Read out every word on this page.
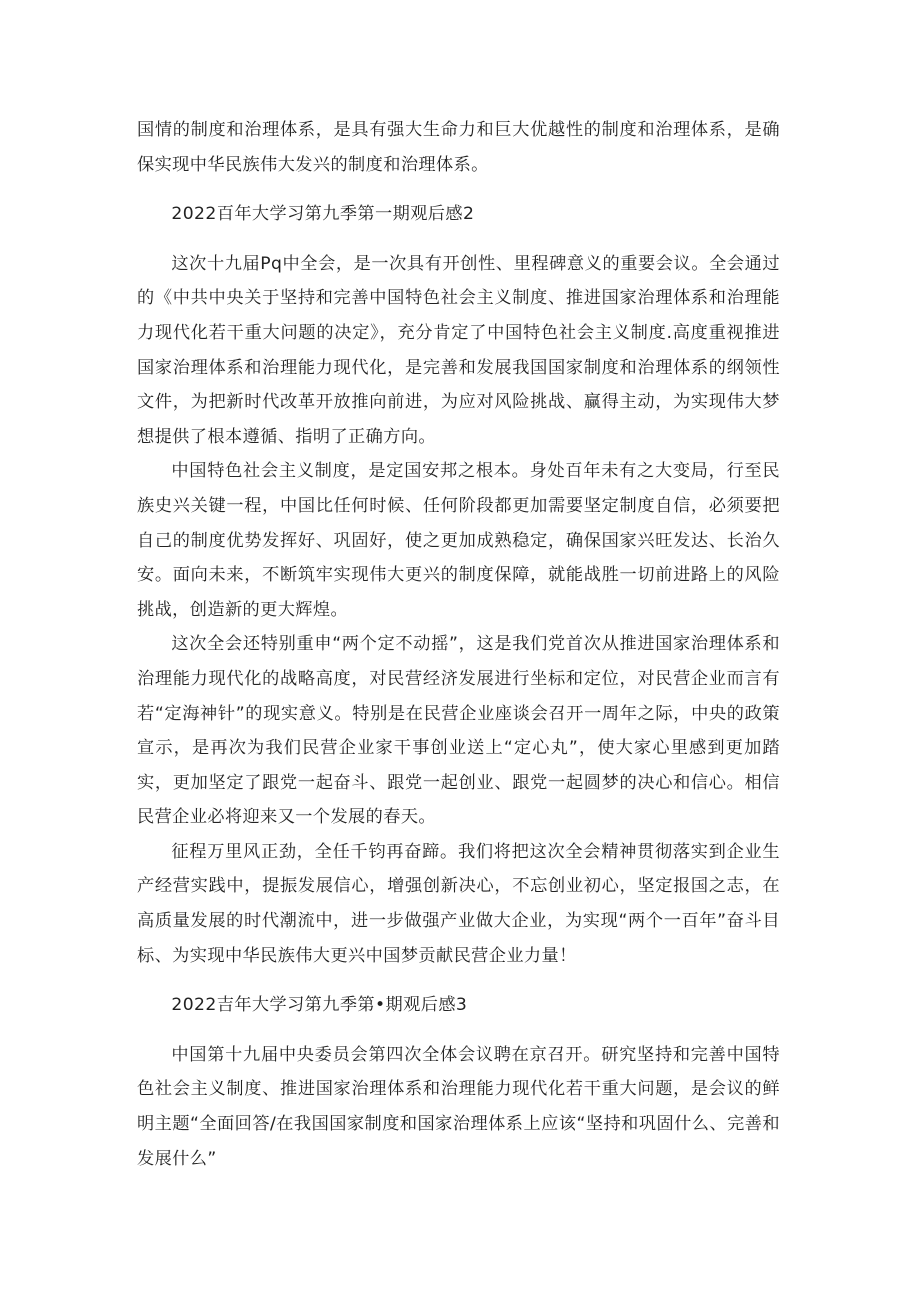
国情的制度和治理体系，是具有强大生命力和巨大优越性的制度和治理体系，是确保实现中华民族伟大发兴的制度和治理体系。

2022百年大学习第九季第一期观后感2

这次十九届Pq中全会，是一次具有开创性、里程碑意义的重要会议。全会通过的《中共中央关于坚持和完善中国特色社会主义制度、推进国家治理体系和治理能力现代化若干重大问题的决定》，充分肯定了中国特色社会主义制度.高度重视推进国家治理体系和治理能力现代化，是完善和发展我国国家制度和治理体系的纲领性文件，为把新时代改革开放推向前进，为应对风险挑战、赢得主动，为实现伟大梦想提供了根本遵循、指明了正确方向。

中国特色社会主义制度，是定国安邦之根本。身处百年未有之大变局，行至民族史兴关键一程，中国比任何时候、任何阶段都更加需要坚定制度自信，必须要把自己的制度优势发挥好、巩固好，使之更加成熟稳定，确保国家兴旺发达、长治久安。面向未来，不断筑牢实现伟大更兴的制度保障，就能战胜一切前进路上的风险挑战，创造新的更大辉煌。

这次全会还特别重申“两个定不动摇”，这是我们党首次从推进国家治理体系和治理能力现代化的战略高度，对民营经济发展进行坐标和定位，对民营企业而言有若“定海神针”的现实意义。特别是在民营企业座谈会召开一周年之际，中央的政策宣示，是再次为我们民营企业家干事创业送上“定心丸”，使大家心里感到更加踏实，更加坚定了跟党一起奋斗、跟党一起创业、跟党一起圆梦的决心和信心。相信民营企业必将迎来又一个发展的春天。

征程万里风正劲，全任千钧再奋蹄。我们将把这次全会精神贯彻落实到企业生产经营实践中，提振发展信心，增强创新决心，不忘创业初心，坚定报国之志，在高质量发展的时代潮流中，进一步做强产业做大企业，为实现“两个一百年”奋斗目标、为实现中华民族伟大更兴中国梦贡献民营企业力量！

2022吉年大学习第九季第•期观后感3

中国第十九届中央委员会第四次全体会议聘在京召开。研究坚持和完善中国特色社会主义制度、推进国家治理体系和治理能力现代化若干重大问题，是会议的鲜明主题“全面回答/在我国国家制度和国家治理体系上应该“坚持和巩固什么、完善和发展什么”
